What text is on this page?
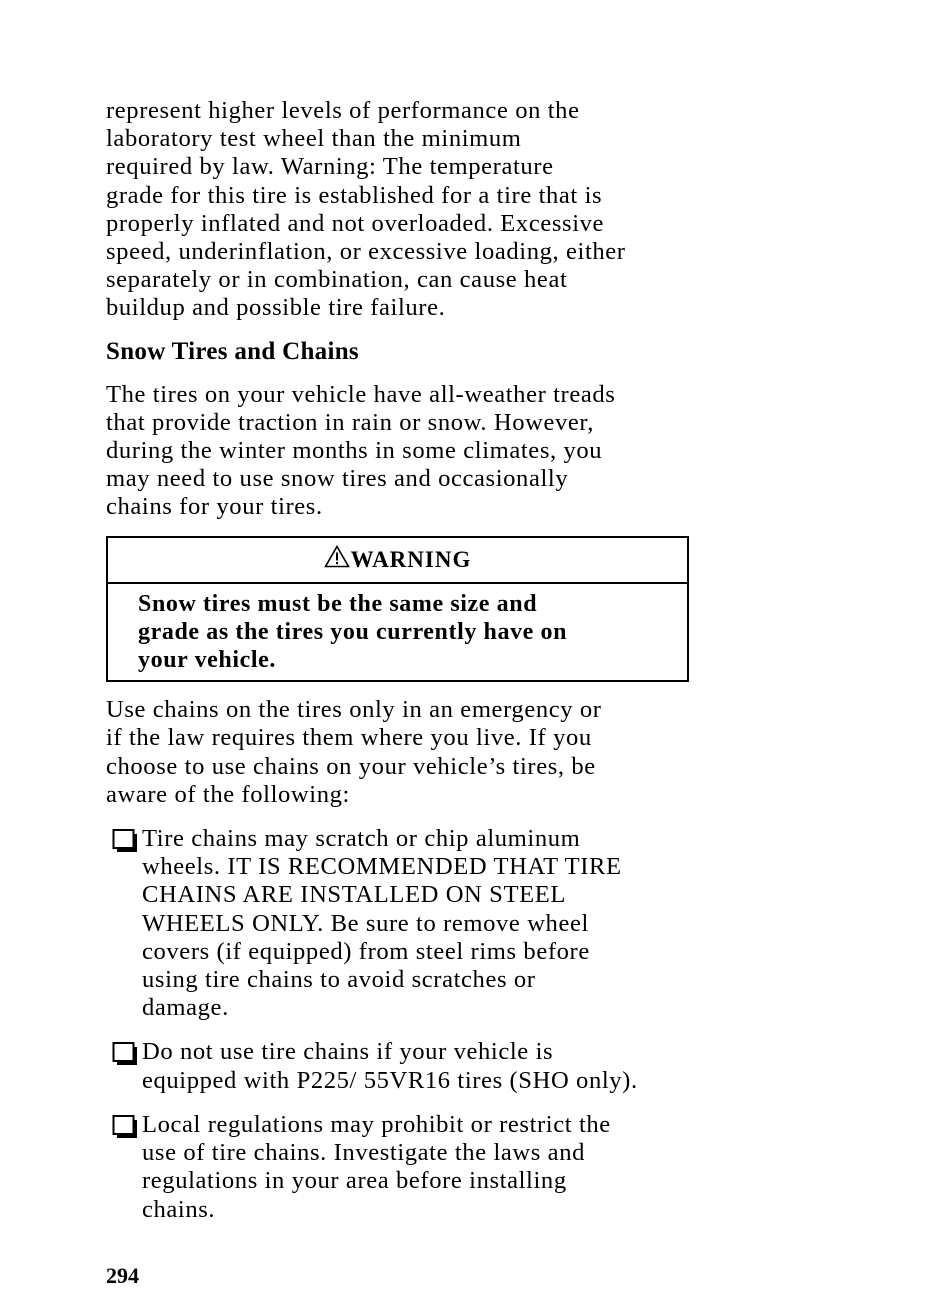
represent higher levels of performance on the
laboratory test wheel than the minimum
required by law. Warning: The temperature
grade for this tire is established for a tire that is
properly inflated and not overloaded. Excessive
speed, underinflation, or excessive loading, either
separately or in combination, can cause heat
buildup and possible tire failure.

Snow Tires and Chains

The tires on your vehicle have all-weather treads
that provide traction in rain or snow. However,
during the winter months in some climates, you
may need to use snow tires and occasionally
chains for your tires.

WARNING
Snow tires must be the same size and
grade as the tires you currently have on
your vehicle.

Use chains on the tires only in an emergency or
if the law requires them where you live. If you
choose to use chains on your vehicle’s tires, be
aware of the following:

Tire chains may scratch or chip aluminum
wheels. IT IS RECOMMENDED THAT TIRE
CHAINS ARE INSTALLED ON STEEL
WHEELS ONLY. Be sure to remove wheel
covers (if equipped) from steel rims before
using tire chains to avoid scratches or
damage.
Do not use tire chains if your vehicle is
equipped with P225/ 55VR16 tires (SHO only).
Local regulations may prohibit or restrict the
use of tire chains. Investigate the laws and
regulations in your area before installing
chains.
294
